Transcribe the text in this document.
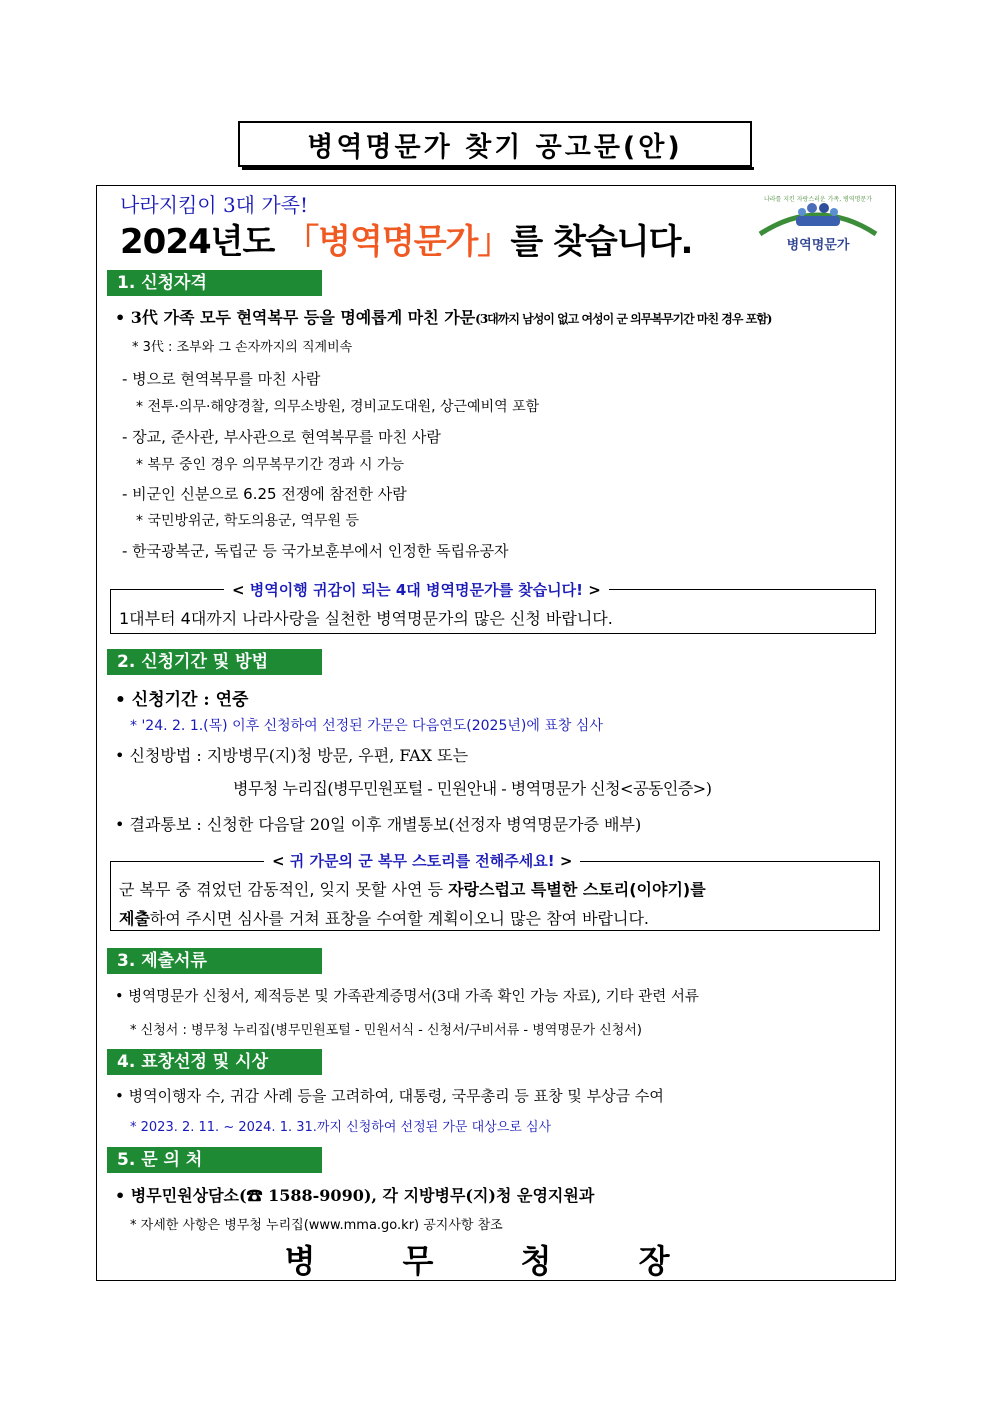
병역명문가 찾기 공고문(안)
나라지킴이 3대 가족!
2024년도 「병역명문가」를 찾습니다.
나라를 지킨 자랑스러운 가족, 병역명문가
병역명문가
1. 신청자격
• 3代 가족 모두 현역복무 등을 명예롭게 마친 가문(3대까지 남성이 없고 여성이 군 의무복무기간 마친 경우 포함)
* 3代 : 조부와 그 손자까지의 직계비속
- 병으로 현역복무를 마친 사람
* 전투·의무·해양경찰, 의무소방원, 경비교도대원, 상근예비역 포함
- 장교, 준사관, 부사관으로 현역복무를 마친 사람
* 복무 중인 경우 의무복무기간 경과 시 가능
- 비군인 신분으로 6.25 전쟁에 참전한 사람
* 국민방위군, 학도의용군, 역무원 등
- 한국광복군, 독립군 등 국가보훈부에서 인정한 독립유공자
1대부터 4대까지 나라사랑을 실천한 병역명문가의 많은 신청 바랍니다.
< 병역이행 귀감이 되는 4대 병역명문가를 찾습니다! >
2. 신청기간 및 방법
• 신청기간 : 연중
* '24. 2. 1.(목) 이후 신청하여 선정된 가문은 다음연도(2025년)에 표창 심사
• 신청방법 : 지방병무(지)청 방문, 우편, FAX 또는
병무청 누리집(병무민원포털 - 민원안내 - 병역명문가 신청<공동인증>)
• 결과통보 : 신청한 다음달 20일 이후 개별통보(선정자 병역명문가증 배부)
군 복무 중 겪었던 감동적인, 잊지 못할 사연 등 자랑스럽고 특별한 스토리(이야기)를
제출하여 주시면 심사를 거쳐 표창을 수여할 계획이오니 많은 참여 바랍니다.
< 귀 가문의 군 복무 스토리를 전해주세요! >
3. 제출서류
• 병역명문가 신청서, 제적등본 및 가족관계증명서(3대 가족 확인 가능 자료), 기타 관련 서류
* 신청서 : 병무청 누리집(병무민원포털 - 민원서식 - 신청서/구비서류 - 병역명문가 신청서)
4. 표창선정 및 시상
• 병역이행자 수, 귀감 사례 등을 고려하여, 대통령, 국무총리 등 표창 및 부상금 수여
* 2023. 2. 11. ~ 2024. 1. 31.까지 신청하여 선정된 가문 대상으로 심사
5. 문 의 처
• 병무민원상담소(☎ 1588-9090), 각 지방병무(지)청 운영지원과
* 자세한 사항은 병무청 누리집(www.mma.go.kr) 공지사항 참조
병 무 청 장
